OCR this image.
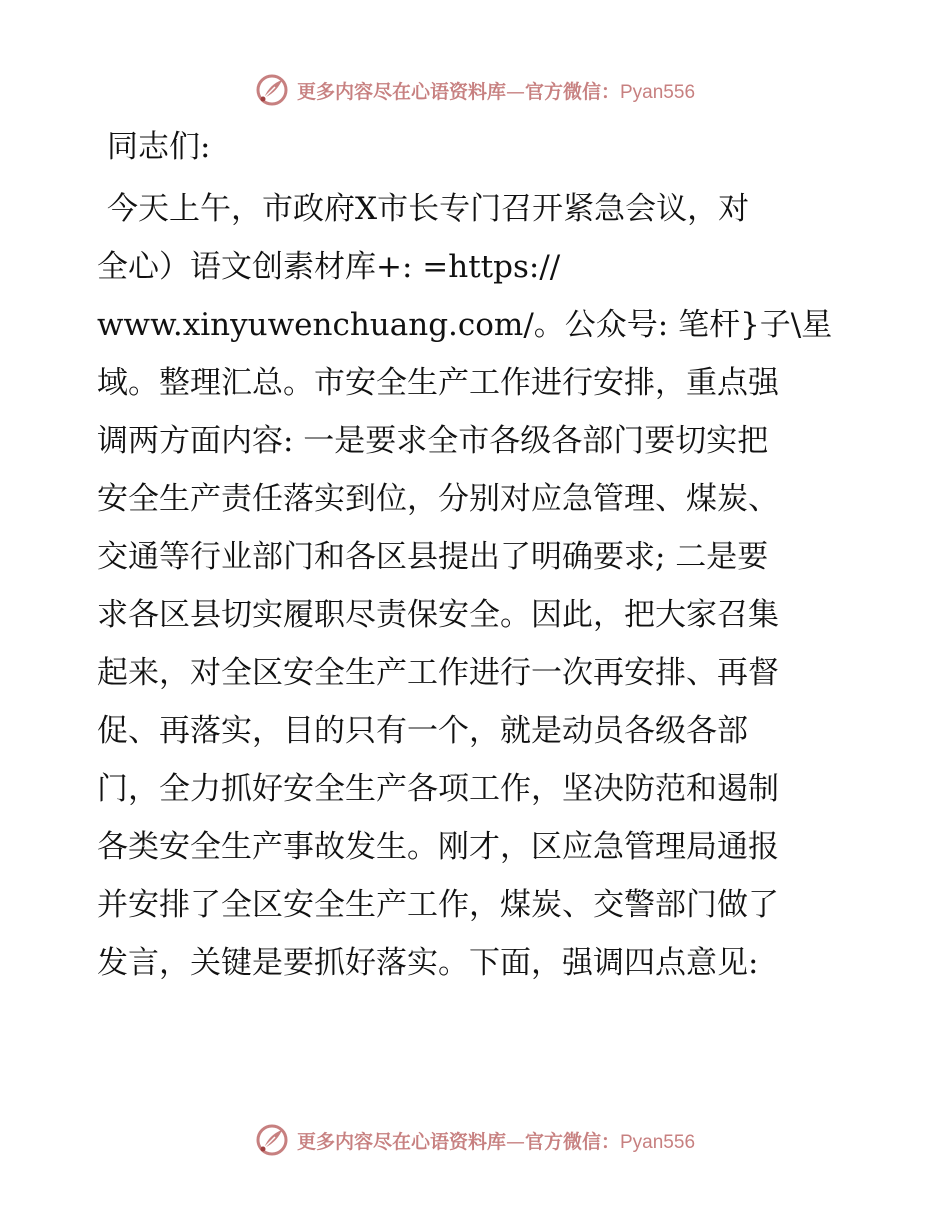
更多内容尽在心语资料库—官方微信：Pyan556
同志们:

今天上午，市政府X市长专门召开紧急会议，对
全心）语文创素材库+: =https://
www.xinyuwenchuang.com/。公众号: 笔杆}子\星
域。整理汇总。市安全生产工作进行安排，重点强
调两方面内容: 一是要求全市各级各部门要切实把
安全生产责任落实到位，分别对应急管理、煤炭、
交通等行业部门和各区县提出了明确要求; 二是要
求各区县切实履职尽责保安全。因此，把大家召集
起来，对全区安全生产工作进行一次再安排、再督
促、再落实，目的只有一个，就是动员各级各部
门，全力抓好安全生产各项工作，坚决防范和遏制
各类安全生产事故发生。刚才，区应急管理局通报
并安排了全区安全生产工作，煤炭、交警部门做了
发言，关键是要抓好落实。下面，强调四点意见:

更多内容尽在心语资料库—官方微信：Pyan556
